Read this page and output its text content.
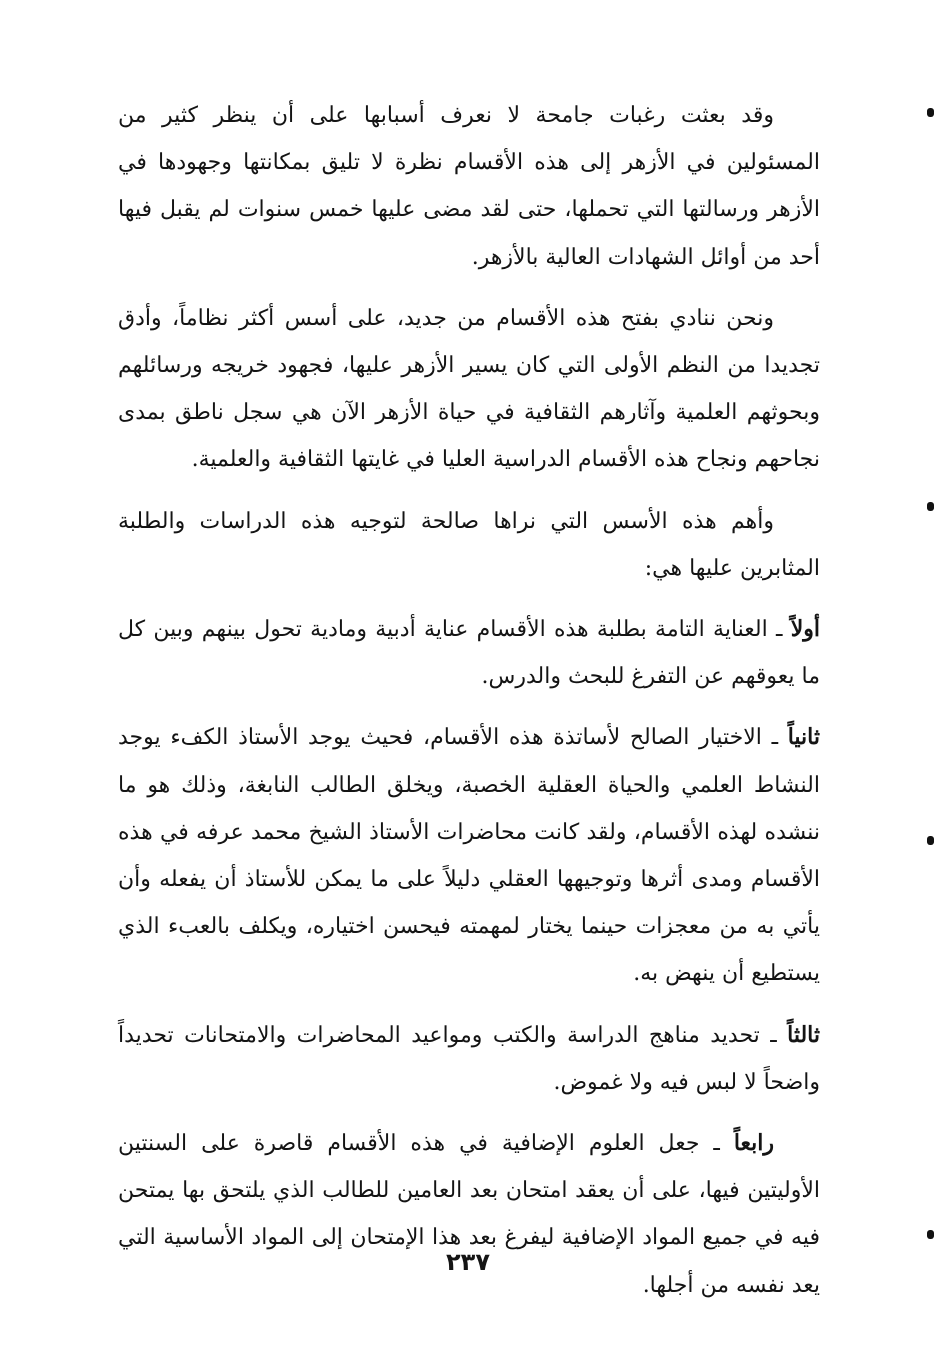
وقد بعثت رغبات جامحة لا نعرف أسبابها على أن ينظر كثير من المسئولين في الأزهر إلى هذه الأقسام نظرة لا تليق بمكانتها وجهودها في الأزهر ورسالتها التي تحملها، حتى لقد مضى عليها خمس سنوات لم يقبل فيها أحد من أوائل الشهادات العالية بالأزهر.

ونحن ننادي بفتح هذه الأقسام من جديد، على أسس أكثر نظاماً، وأدق تجديدا من النظم الأولى التي كان يسير الأزهر عليها، فجهود خريجه ورسائلهم وبحوثهم العلمية وآثارهم الثقافية في حياة الأزهر الآن هي سجل ناطق بمدى نجاحهم ونجاح هذه الأقسام الدراسية العليا في غايتها الثقافية والعلمية.

وأهم هذه الأسس التي نراها صالحة لتوجيه هذه الدراسات والطلبة المثابرين عليها هي:

أولاً ـ العناية التامة بطلبة هذه الأقسام عناية أدبية ومادية تحول بينهم وبين كل ما يعوقهم عن التفرغ للبحث والدرس.

ثانياً ـ الاختيار الصالح لأساتذة هذه الأقسام، فحيث يوجد الأستاذ الكفء يوجد النشاط العلمي والحياة العقلية الخصبة، ويخلق الطالب النابغة، وذلك هو ما ننشده لهذه الأقسام، ولقد كانت محاضرات الأستاذ الشيخ محمد عرفه في هذه الأقسام ومدى أثرها وتوجيهها العقلي دليلاً على ما يمكن للأستاذ أن يفعله وأن يأتي به من معجزات حينما يختار لمهمته فيحسن اختياره، ويكلف بالعبء الذي يستطيع أن ينهض به.

ثالثاً ـ تحديد مناهج الدراسة والكتب ومواعيد المحاضرات والامتحانات تحديداً واضحاً لا لبس فيه ولا غموض.

رابعاً ـ جعل العلوم الإضافية في هذه الأقسام قاصرة على السنتين الأوليتين فيها، على أن يعقد امتحان بعد العامين للطالب الذي يلتحق بها يمتحن فيه في جميع المواد الإضافية ليفرغ بعد هذا الإمتحان إلى المواد الأساسية التي يعد نفسه من أجلها.

٢٣٧
